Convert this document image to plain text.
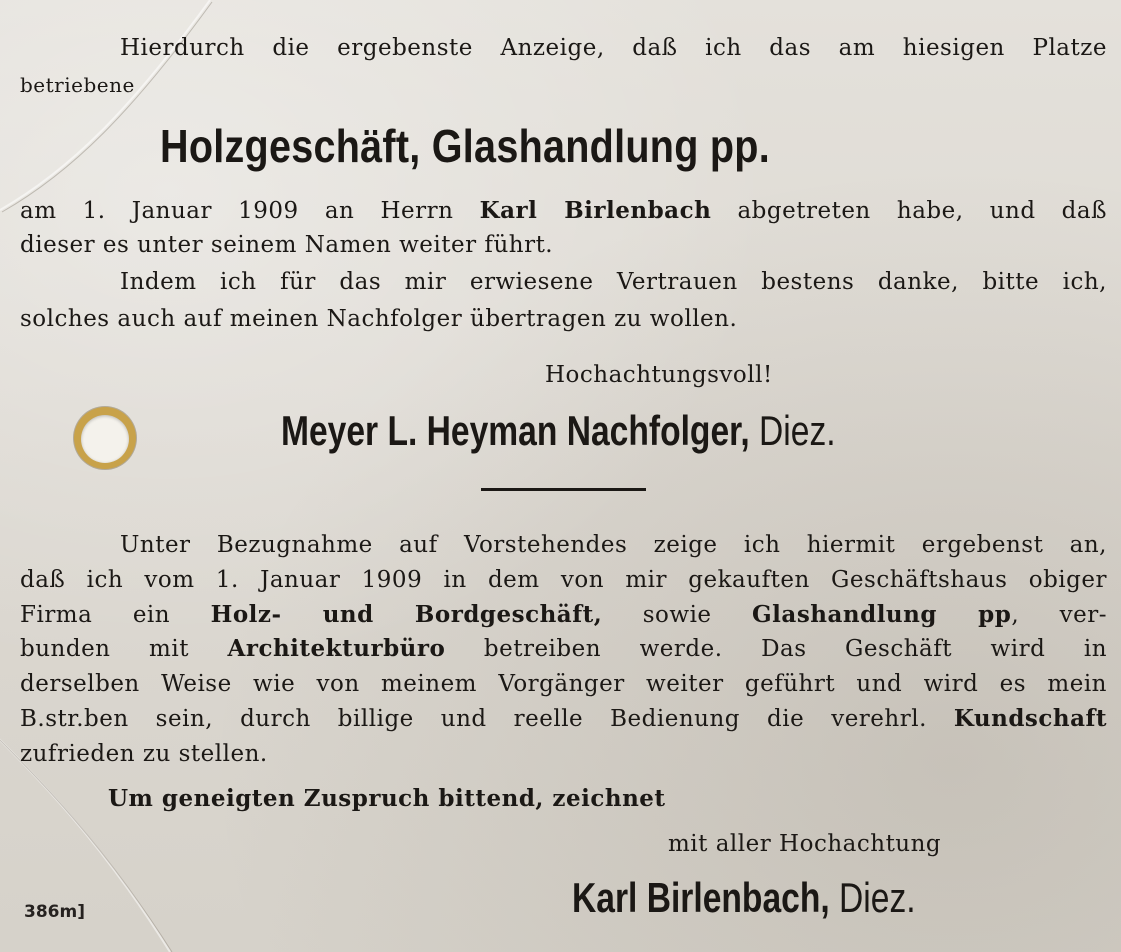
Hierdurch die ergebenste Anzeige, daß ich das am hiesigen Platze
betriebene
Holzgeschäft, Glashandlung pp.
am 1. Januar 1909 an Herrn Karl Birlenbach abgetreten habe, und daß
dieser es unter seinem Namen weiter führt.
Indem ich für das mir erwiesene Vertrauen bestens danke, bitte ich,
solches auch auf meinen Nachfolger übertragen zu wollen.
Hochachtungsvoll!
Meyer L. Heyman Nachfolger, Diez.
Unter Bezugnahme auf Vorstehendes zeige ich hiermit ergebenst an,
daß ich vom 1. Januar 1909 in dem von mir gekauften Geschäftshaus obiger
Firma ein Holz- und Bordgeschäft, sowie Glashandlung pp, ver-
bunden mit Architekturbüro betreiben werde. Das Geschäft wird in
derselben Weise wie von meinem Vorgänger weiter geführt und wird es mein
B.str.ben sein, durch billige und reelle Bedienung die verehrl. Kundschaft
zufrieden zu stellen.
Um geneigten Zuspruch bittend, zeichnet
mit aller Hochachtung
Karl Birlenbach, Diez.
386m]
